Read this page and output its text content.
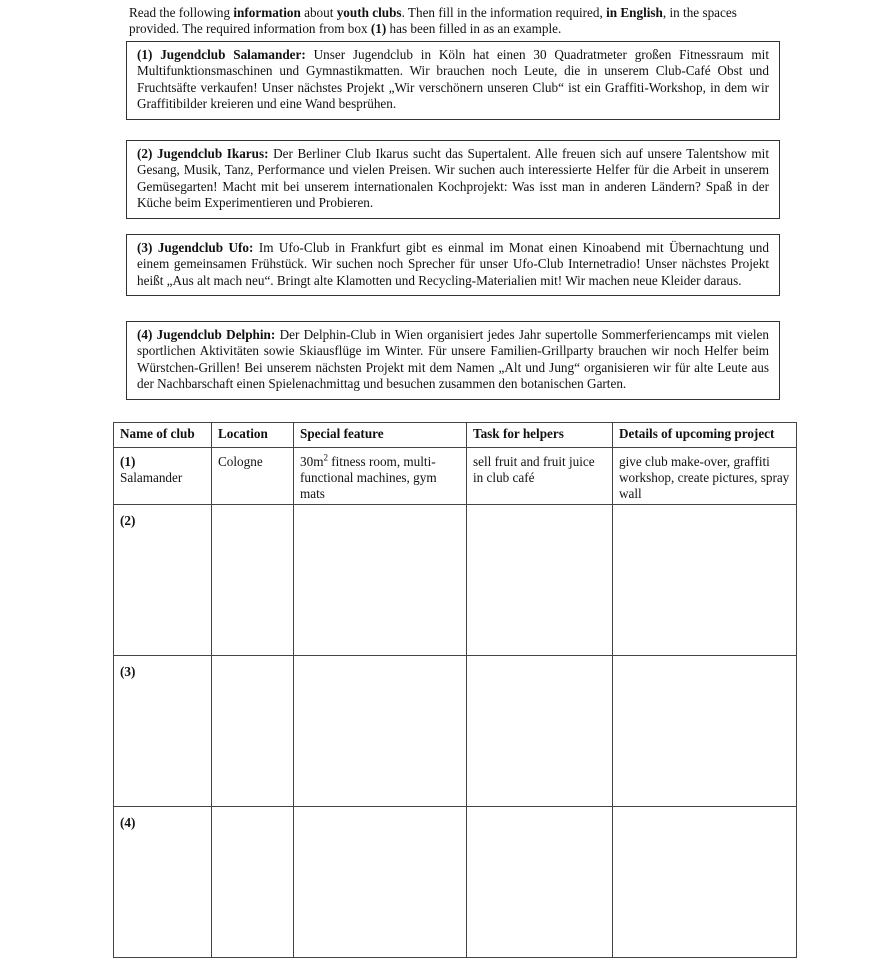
Read the following information about youth clubs. Then fill in the information required, in English, in the spaces provided. The required information from box (1) has been filled in as an example.
(1) Jugendclub Salamander: Unser Jugendclub in Köln hat einen 30 Quadratmeter großen Fitnessraum mit Multifunktionsmaschinen und Gymnastikmatten. Wir brauchen noch Leute, die in unserem Club-Café Obst und Fruchtsäfte verkaufen! Unser nächstes Projekt „Wir verschönern unseren Club“ ist ein Graffiti-Workshop, in dem wir Graffitibilder kreieren und eine Wand besprühen.
(2) Jugendclub Ikarus: Der Berliner Club Ikarus sucht das Supertalent. Alle freuen sich auf unsere Talentshow mit Gesang, Musik, Tanz, Performance und vielen Preisen. Wir suchen auch interessierte Helfer für die Arbeit in unserem Gemüsegarten! Macht mit bei unserem internationalen Kochprojekt: Was isst man in anderen Ländern? Spaß in der Küche beim Experimentieren und Probieren.
(3) Jugendclub Ufo: Im Ufo-Club in Frankfurt gibt es einmal im Monat einen Kinoabend mit Übernachtung und einem gemeinsamen Frühstück. Wir suchen noch Sprecher für unser Ufo-Club Internetradio! Unser nächstes Projekt heißt „Aus alt mach neu“. Bringt alte Klamotten und Recycling-Materialien mit! Wir machen neue Kleider daraus.
(4) Jugendclub Delphin: Der Delphin-Club in Wien organisiert jedes Jahr supertolle Sommerferiencamps mit vielen sportlichen Aktivitäten sowie Skiausflüge im Winter. Für unsere Familien-Grillparty brauchen wir noch Helfer beim Würstchen-Grillen! Bei unserem nächsten Projekt mit dem Namen „Alt und Jung“ organisieren wir für alte Leute aus der Nachbarschaft einen Spielenachmittag und besuchen zusammen den botanischen Garten.
Name of club	Location	Special feature	Task for helpers	Details of upcoming project

(1)
Salamander	Cologne	$30m^2$ fitness room, multi-functional machines, gym mats	sell fruit and fruit juice in club café	give club make-over, graffiti workshop, create pictures, spray wall

(2)				

(3)				

(4)				
